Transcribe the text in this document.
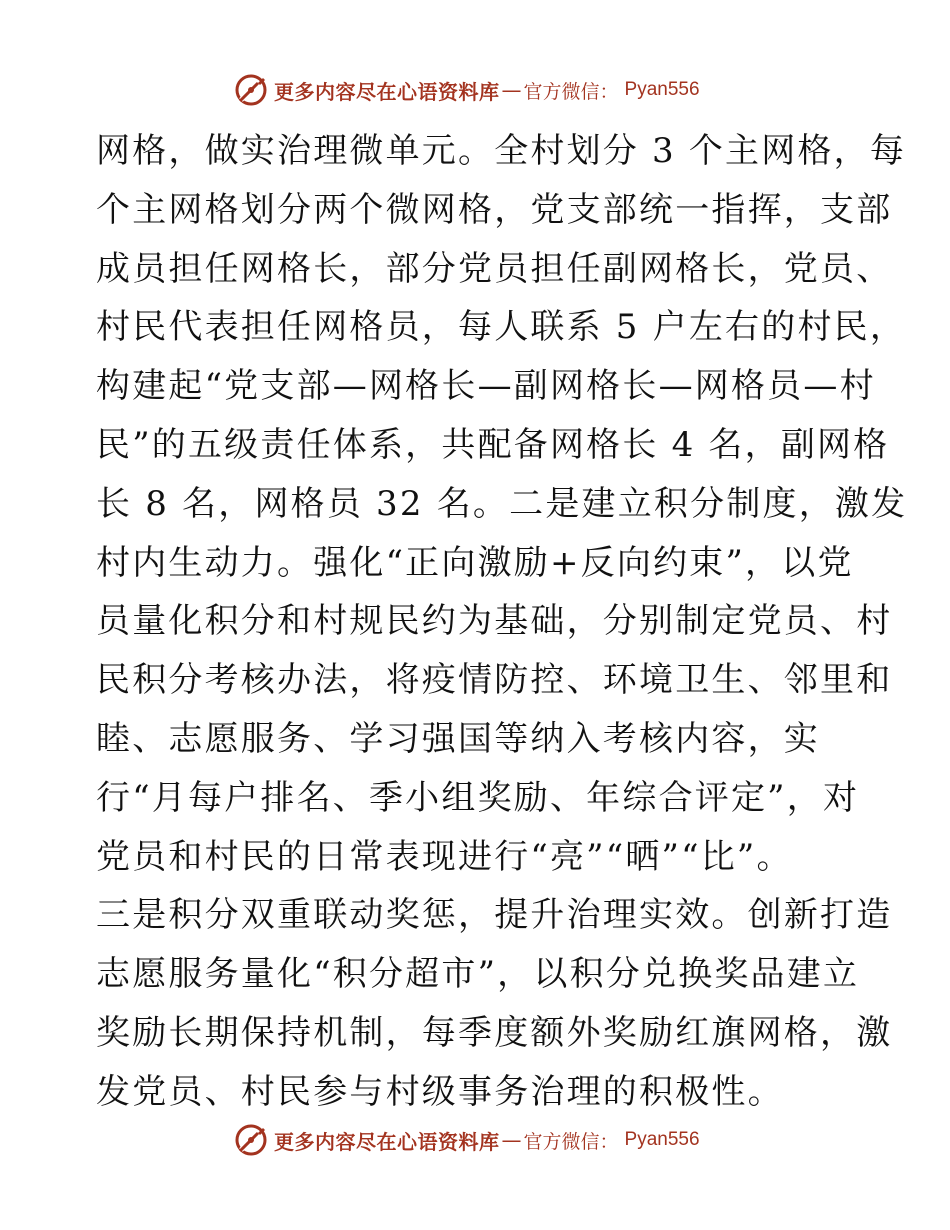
更多内容尽在心语资料库 — 官方微信： Pyan556
网格，做实治理微单元。全村划分 3 个主网格，每
个主网格划分两个微网格，党支部统一指挥，支部
成员担任网格长，部分党员担任副网格长，党员、
村民代表担任网格员，每人联系 5 户左右的村民，
构建起“党支部—网格长—副网格长—网格员—村
民”的五级责任体系，共配备网格长 4 名，副网格
长 8 名，网格员 32 名。二是建立积分制度，激发
村内生动力。强化“正向激励+反向约束”，以党
员量化积分和村规民约为基础，分别制定党员、村
民积分考核办法，将疫情防控、环境卫生、邻里和
睦、志愿服务、学习强国等纳入考核内容，实
行“月每户排名、季小组奖励、年综合评定”，对
党员和村民的日常表现进行“亮”“晒”“比”。
三是积分双重联动奖惩，提升治理实效。创新打造
志愿服务量化“积分超市”，以积分兑换奖品建立
奖励长期保持机制，每季度额外奖励红旗网格，激
发党员、村民参与村级事务治理的积极性。
更多内容尽在心语资料库 — 官方微信： Pyan556
